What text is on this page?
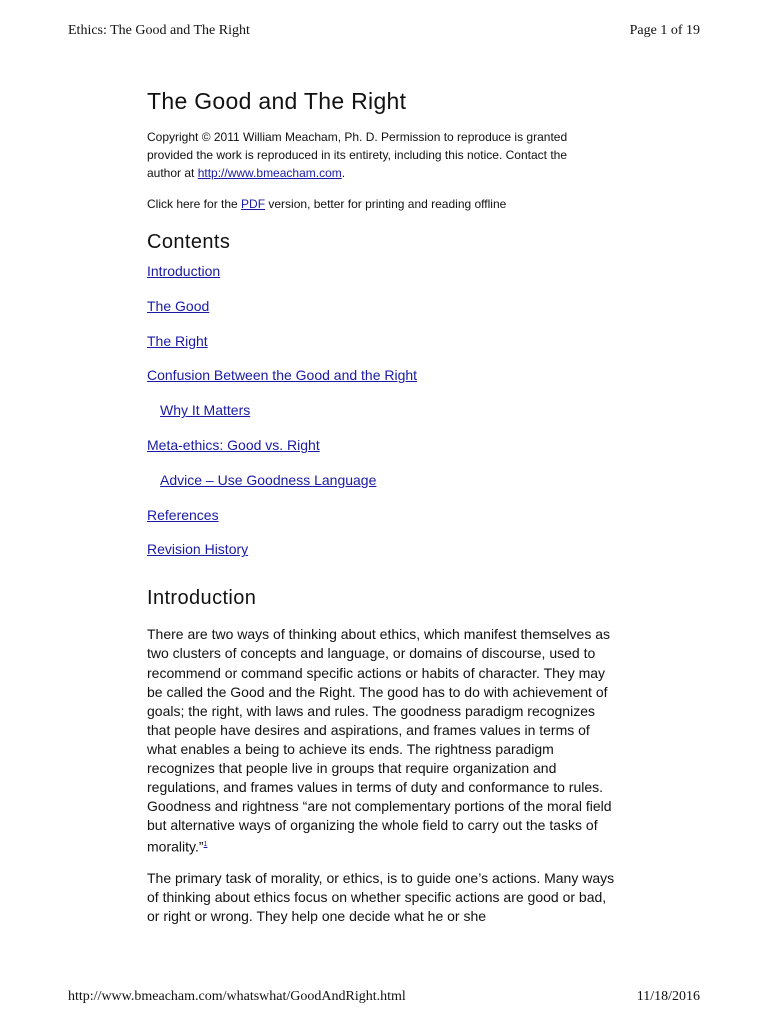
Ethics: The Good and The Right	Page 1 of 19
The Good and The Right

Copyright © 2011 William Meacham, Ph. D. Permission to reproduce is granted provided the work is reproduced in its entirety, including this notice. Contact the author at http://www.bmeacham.com.

Click here for the PDF version, better for printing and reading offline

Contents
Introduction
The Good
The Right
Confusion Between the Good and the Right
Why It Matters
Meta-ethics: Good vs. Right
Advice – Use Goodness Language
References
Revision History
Introduction

There are two ways of thinking about ethics, which manifest themselves as two clusters of concepts and language, or domains of discourse, used to recommend or command specific actions or habits of character. They may be called the Good and the Right. The good has to do with achievement of goals; the right, with laws and rules. The goodness paradigm recognizes that people have desires and aspirations, and frames values in terms of what enables a being to achieve its ends. The rightness paradigm recognizes that people live in groups that require organization and regulations, and frames values in terms of duty and conformance to rules. Goodness and rightness “are not complementary portions of the moral field but alternative ways of organizing the whole field to carry out the tasks of morality.”$^1$

The primary task of morality, or ethics, is to guide one’s actions. Many ways of thinking about ethics focus on whether specific actions are good or bad, or right or wrong. They help one decide what he or she

http://www.bmeacham.com/whatswhat/GoodAndRight.html	11/18/2016
